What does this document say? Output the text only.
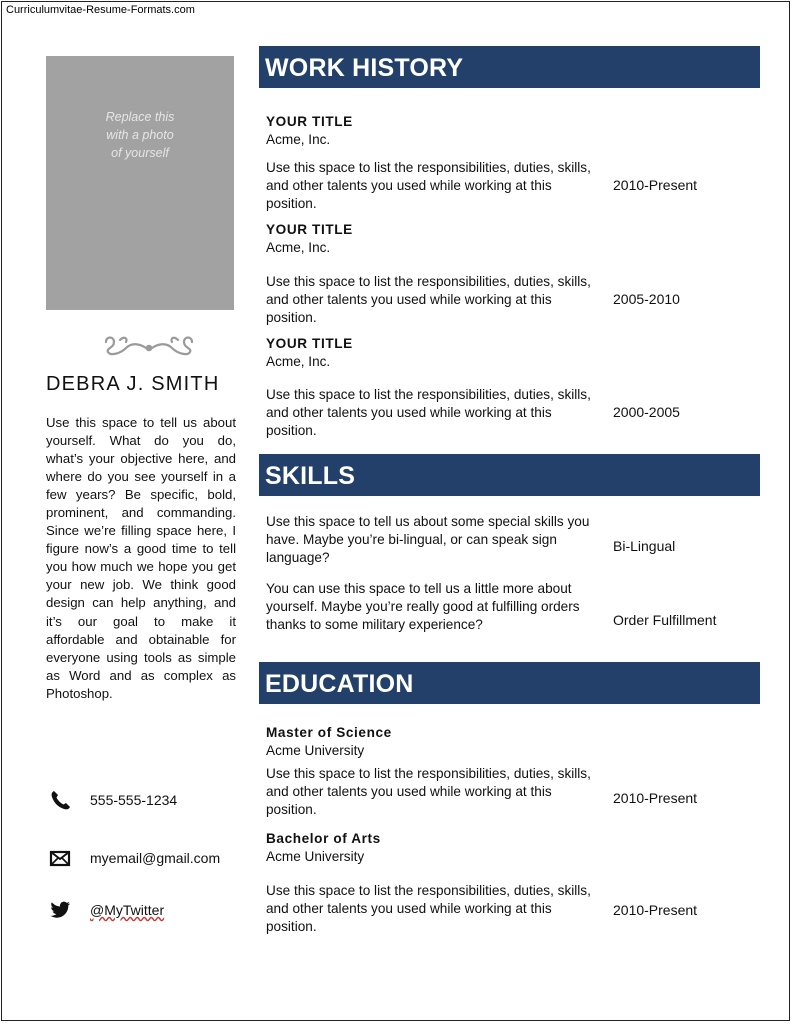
Curriculumvitae-Resume-Formats.com
Replace this
with a photo
of yourself
DEBRA J. SMITH
Use this space to tell us about yourself. What do you do, what’s your objective here, and where do you see yourself in a few years? Be specific, bold, prominent, and commanding. Since we’re filling space here, I figure now’s a good time to tell you how much we hope you get your new job. We think good design can help anything, and it’s our goal to make it affordable and obtainable for everyone using tools as simple as Word and as complex as Photoshop.
555-555-1234
myemail@gmail.com
@MyTwitter
WORK HISTORY
YOUR TITLE
Acme, Inc.
Use this space to list the responsibilities, duties, skills, and other talents you used while working at this position.
2010-Present
YOUR TITLE
Acme, Inc.
Use this space to list the responsibilities, duties, skills, and other talents you used while working at this position.
2005-2010
YOUR TITLE
Acme, Inc.
Use this space to list the responsibilities, duties, skills, and other talents you used while working at this position.
2000-2005
SKILLS
Use this space to tell us about some special skills you have. Maybe you’re bi-lingual, or can speak sign language?
Bi-Lingual
You can use this space to tell us a little more about yourself. Maybe you’re really good at fulfilling orders thanks to some military experience?	Order Fulfillment
EDUCATION
Master of Science
Acme University
Use this space to list the responsibilities, duties, skills, and other talents you used while working at this position.
2010-Present
Bachelor of Arts
Acme University
Use this space to list the responsibilities, duties, skills, and other talents you used while working at this position.
2010-Present
